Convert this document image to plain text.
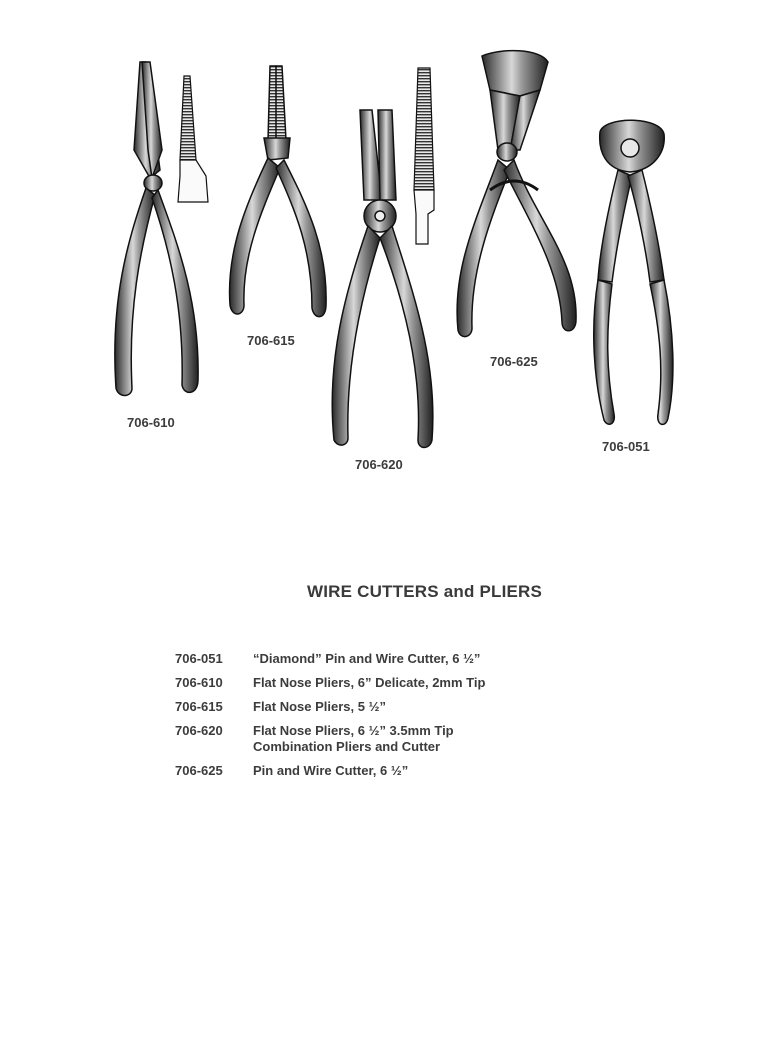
706-610
706-615
706-620
706-625
706-051
WIRE CUTTERS and PLIERS
706-051	“Diamond” Pin and Wire Cutter, 6 ½”
706-610	Flat Nose Pliers, 6” Delicate, 2mm Tip
706-615	Flat Nose Pliers, 5 ½”
706-620	Flat Nose Pliers, 6 ½” 3.5mm Tip
Combination Pliers and Cutter
706-625	Pin and Wire Cutter, 6 ½”
